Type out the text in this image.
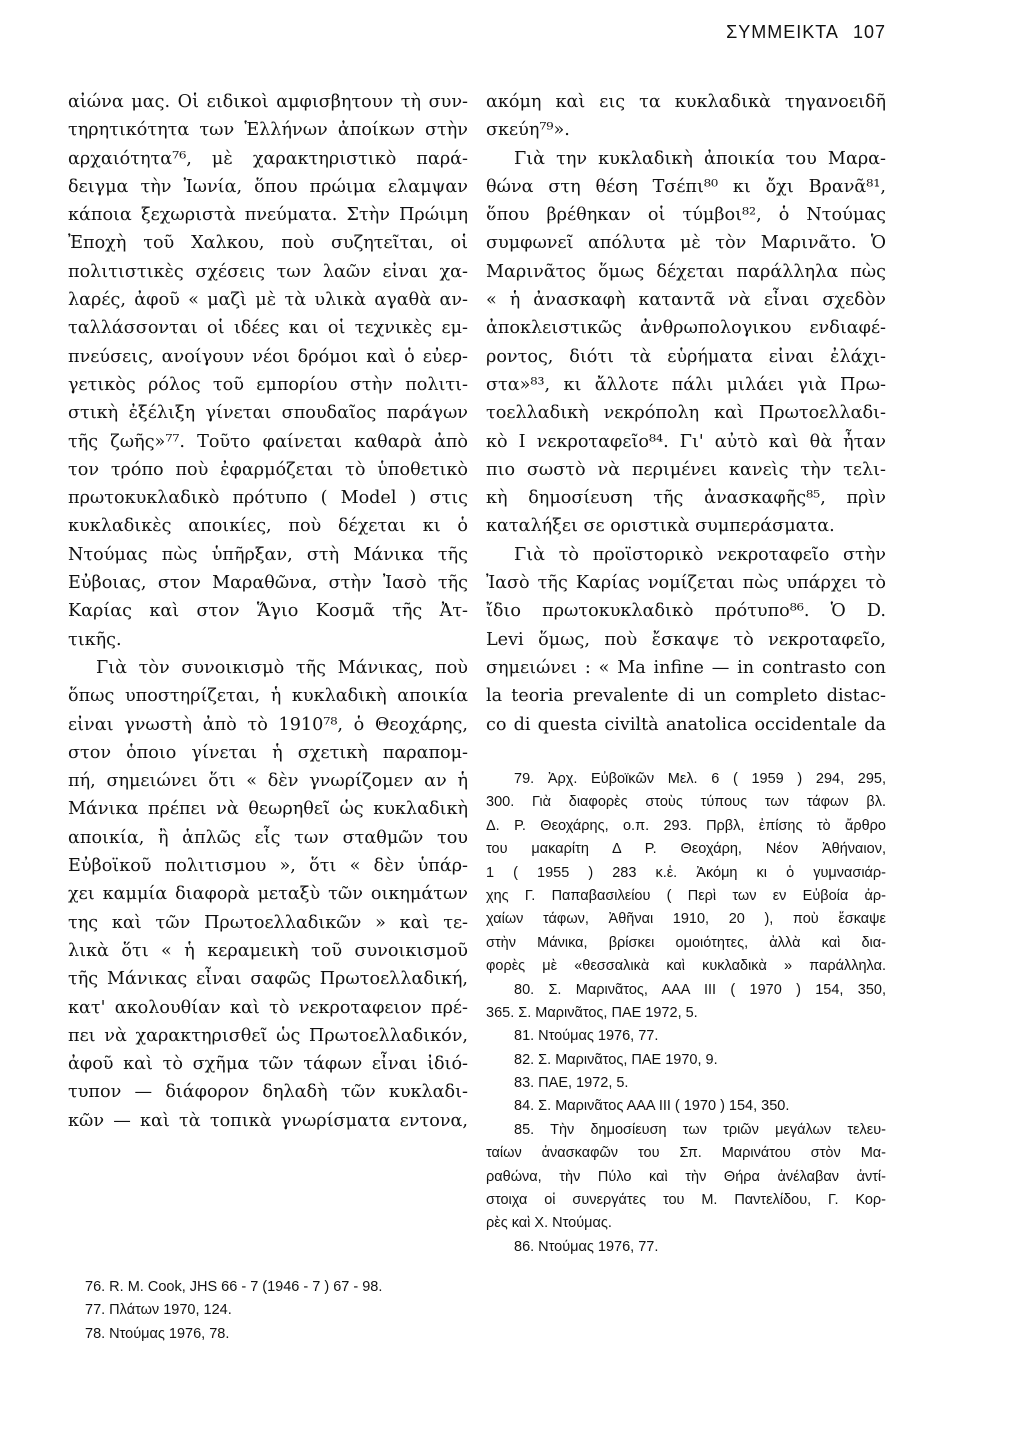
ΣΥΜΜΕΙΚΤΑ 107
αἰώνα μας. Οἱ ειδικοὶ αμφισβητουν τὴ συν-
τηρητικότητα των Ἑλλήνων ἀποίκων στὴν
αρχαιότητα⁷⁶, μὲ χαρακτηριστικὸ παρά-
δειγμα τὴν Ἰωνία, ὅπου πρώιμα ελαμψαν
κάποια ξεχωριστὰ πνεύματα. Στὴν Πρώιμη
Ἐποχὴ τοῦ Χαλκου, ποὺ συζητεῖται, οἱ
πολιτιστικὲς σχέσεις των λαῶν εἰναι χα-
λαρές, ἀφοῦ « μαζὶ μὲ τὰ υλικὰ αγαθὰ αν-
ταλλάσσονται οἱ ιδέες και οἱ τεχνικὲς εμ-
πνεύσεις, ανοίγουν νέοι δρόμοι καὶ ὁ εὐερ-
γετικὸς ρόλος τοῦ εμπορίου στὴν πολιτι-
στικὴ ἐξέλιξη γίνεται σπουδαῖος παράγων
τῆς ζωῆς»⁷⁷. Τοῦτο φαίνεται καθαρὰ ἀπὸ
τον τρόπο ποὺ ἐφαρμόζεται τὸ ὑποθετικὸ
πρωτοκυκλαδικὸ πρότυπο ( Model ) στις
κυκλαδικὲς αποικίες, ποὺ δέχεται κι ὁ
Ντούμας πὼς ὑπῆρξαν, στὴ Μάνικα τῆς
Εὐβοιας, στον Μαραθῶνα, στὴν Ἰασὸ τῆς
Καρίας καὶ στον Ἅγιο Κοσμᾶ τῆς Ἀτ-
τικῆς.
Γιὰ τὸν συνοικισμὸ τῆς Μάνικας, ποὺ
ὅπως υποστηρίζεται, ἡ κυκλαδικὴ αποικία
εἰναι γνωστὴ ἀπὸ τὸ 1910⁷⁸, ὁ Θεοχάρης,
στον ὁποιο γίνεται ἡ σχετικὴ παραπομ-
πή, σημειώνει ὅτι « δὲν γνωρίζομεν αν ἡ
Μάνικα πρέπει νὰ θεωρηθεῖ ὡς κυκλαδικὴ
αποικία, ἢ ἁπλῶς εἷς των σταθμῶν του
Εὐβοϊκοῦ πολιτισμου », ὅτι « δὲν ὑπάρ-
χει καμμία διαφορὰ μεταξὺ τῶν οικημάτων
της καὶ τῶν Πρωτοελλαδικῶν » καὶ τε-
λικὰ ὅτι « ἡ κεραμεικὴ τοῦ συνοικισμοῦ
τῆς Μάνικας εἶναι σαφῶς Πρωτοελλαδική,
κατ' ακολουθίαν καὶ τὸ νεκροταφειον πρέ-
πει νὰ χαρακτηρισθεῖ ὡς Πρωτοελλαδικόν,
ἀφοῦ καὶ τὸ σχῆμα τῶν τάφων εἶναι ἰδιό-
τυπον — διάφορον δηλαδὴ τῶν κυκλαδι-
κῶν — καὶ τὰ τοπικὰ γνωρίσματα εντονα,
76. R. M. Cook, JHS 66 - 7 (1946 - 7 ) 67 - 98.
77. Πλάτων 1970, 124.
78. Ντούμας 1976, 78.
ακόμη καὶ εις τα κυκλαδικὰ τηγανοειδῆ
σκεύη⁷⁹».
Γιὰ την κυκλαδικὴ ἀποικία του Μαρα-
θώνα στη θέση Τσέπι⁸⁰ κι ὄχι Βρανᾶ⁸¹,
ὅπου βρέθηκαν οἱ τύμβοι⁸², ὁ Ντούμας
συμφωνεῖ απόλυτα μὲ τὸν Μαρινᾶτο. Ὁ
Μαρινᾶτος ὅμως δέχεται παράλληλα πὼς
« ἡ ἀνασκαφὴ καταντᾶ νὰ εἶναι σχεδὸν
ἀποκλειστικῶς ἀνθρωπολογικου ενδιαφέ-
ροντος, διότι τὰ εὑρήματα εἰναι ἐλάχι-
στα»⁸³, κι ἄλλοτε πάλι μιλάει γιὰ Πρω-
τοελλαδικὴ νεκρόπολη καὶ Πρωτοελλαδι-
κὸ I νεκροταφεῖο⁸⁴. Γι' αὐτὸ καὶ θὰ ἦταν
πιο σωστὸ νὰ περιμένει κανεὶς τὴν τελι-
κὴ δημοσίευση τῆς ἀνασκαφῆς⁸⁵, πρὶν
καταλήξει σε οριστικὰ συμπεράσματα.
Γιὰ τὸ προϊστορικὸ νεκροταφεῖο στὴν
Ἰασὸ τῆς Καρίας νομίζεται πὼς υπάρχει τὸ
ἴδιο πρωτοκυκλαδικὸ πρότυπο⁸⁶. Ὁ D.
Levi ὅμως, ποὺ ἔσκαψε τὸ νεκροταφεῖο,
σημειώνει : « Ma infine — in contrasto con
la teoria prevalente di un completo distac-
co di questa civiltà anatolica occidentale da
79. Ἀρχ. Εὐβοϊκῶν Μελ. 6 ( 1959 ) 294, 295,
300. Γιὰ διαφορὲς στοὺς τύπους των τάφων βλ.
Δ. Ρ. Θεοχάρης, ο.π. 293. Πρβλ, ἐπίσης τὸ ἄρθρο
του μακαρίτη Δ Ρ. Θεοχάρη, Νέον Ἀθήναιον,
1 ( 1955 ) 283 κ.ἑ. Ἀκόμη κι ὁ γυμνασιάρ-
χης Γ. Παπαβασιλείου ( Περὶ των εν Εὐβοία ἀρ-
χαίων τάφων, Ἀθῆναι 1910, 20 ), ποὺ ἔσκαψε
στὴν Μάνικα, βρίσκει ομοιότητες, ἀλλὰ καὶ δια-
φορὲς μὲ «θεσσαλικὰ καὶ κυκλαδικὰ » παράλληλα.
80. Σ. Μαρινᾶτος, ΑΑΑ III ( 1970 ) 154, 350,
365. Σ. Μαρινᾶτος, ΠΑΕ 1972, 5.
81. Ντούμας 1976, 77.
82. Σ. Μαρινᾶτος, ΠΑΕ 1970, 9.
83. ΠΑΕ, 1972, 5.
84. Σ. Μαρινᾶτος ΑΑΑ III ( 1970 ) 154, 350.
85. Τὴν δημοσίευση των τριῶν μεγάλων τελευ-
ταίων ἀνασκαφῶν του Σπ. Μαρινάτου στὸν Μα-
ραθώνα, τὴν Πύλο καὶ τὴν Θήρα ἀνέλαβαν ἀντί-
στοιχα οἱ συνεργάτες του Μ. Παντελίδου, Γ. Κορ-
ρὲς καὶ Χ. Ντούμας.
86. Ντούμας 1976, 77.
